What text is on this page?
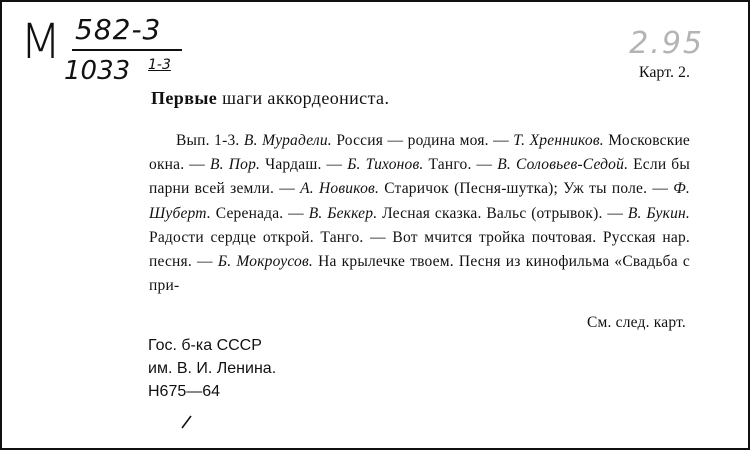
М 582-3
1033 1-3
2.95
Карт. 2.
Первые шаги аккордеониста.

Вып. 1-3. В. Мурадели. Россия — родина моя. — Т. Хренников. Московские окна. — В. Пор. Чардаш. — Б. Тихонов. Танго. — В. Соловьев-Седой. Если бы парни всей земли. — А. Новиков. Старичок (Песня-шутка); Уж ты поле. — Ф. Шуберт. Серенада. — В. Беккер. Лесная сказка. Вальс (отрывок). — В. Букин. Радости сердце открой. Танго. — Вот мчится тройка почтовая. Русская нар. песня. — Б. Мокроусов. На крылечке твоем. Песня из кинофильма «Свадьба с при-

См. след. карт.
Гос. б-ка СССР
им. В. И. Ленина.
Н675—64
